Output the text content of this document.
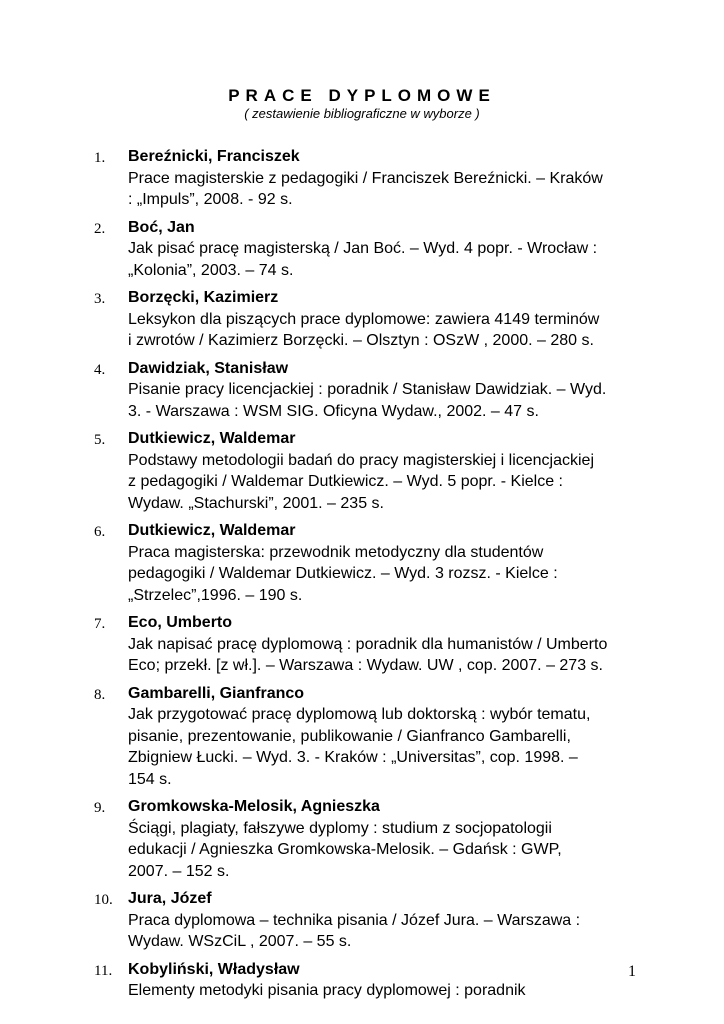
PRACE DYPLOMOWE
( zestawienie bibliograficzne w wyborze )
1. Bereźnicki, Franciszek
Prace magisterskie z pedagogiki / Franciszek Bereźnicki. – Kraków
: „Impuls”, 2008. - 92 s.
2. Boć, Jan
Jak pisać pracę magisterską / Jan Boć. – Wyd. 4 popr. - Wrocław :
„Kolonia”, 2003. – 74 s.
3. Borzęcki, Kazimierz
Leksykon dla piszących prace dyplomowe: zawiera 4149 terminów
i zwrotów / Kazimierz Borzęcki. – Olsztyn : OSzW , 2000. – 280 s.
4. Dawidziak, Stanisław
Pisanie pracy licencjackiej : poradnik / Stanisław Dawidziak. – Wyd.
3. - Warszawa : WSM SIG. Oficyna Wydaw., 2002. – 47 s.
5. Dutkiewicz, Waldemar
Podstawy metodologii badań do pracy magisterskiej i licencjackiej
z pedagogiki / Waldemar Dutkiewicz. – Wyd. 5 popr. - Kielce :
Wydaw. „Stachurski”, 2001. – 235 s.
6. Dutkiewicz, Waldemar
Praca magisterska: przewodnik metodyczny dla studentów
pedagogiki / Waldemar Dutkiewicz. – Wyd. 3 rozsz. - Kielce :
„Strzelec”,1996. – 190 s.
7. Eco, Umberto
Jak napisać pracę dyplomową : poradnik dla humanistów / Umberto
Eco; przekł. [z wł.]. – Warszawa : Wydaw. UW , cop. 2007. – 273 s.
8. Gambarelli, Gianfranco
Jak przygotować pracę dyplomową lub doktorską : wybór tematu,
pisanie, prezentowanie, publikowanie / Gianfranco Gambarelli,
Zbigniew Łucki. – Wyd. 3. - Kraków : „Universitas”, cop. 1998. –
154 s.
9. Gromkowska-Melosik, Agnieszka
Ściągi, plagiaty, fałszywe dyplomy : studium z socjopatologii
edukacji / Agnieszka Gromkowska-Melosik. – Gdańsk : GWP,
2007. – 152 s.
10. Jura, Józef
Praca dyplomowa – technika pisania / Józef Jura. – Warszawa :
Wydaw. WSzCiL , 2007. – 55 s.
11. Kobyliński, Władysław
Elementy metodyki pisania pracy dyplomowej : poradnik
1
